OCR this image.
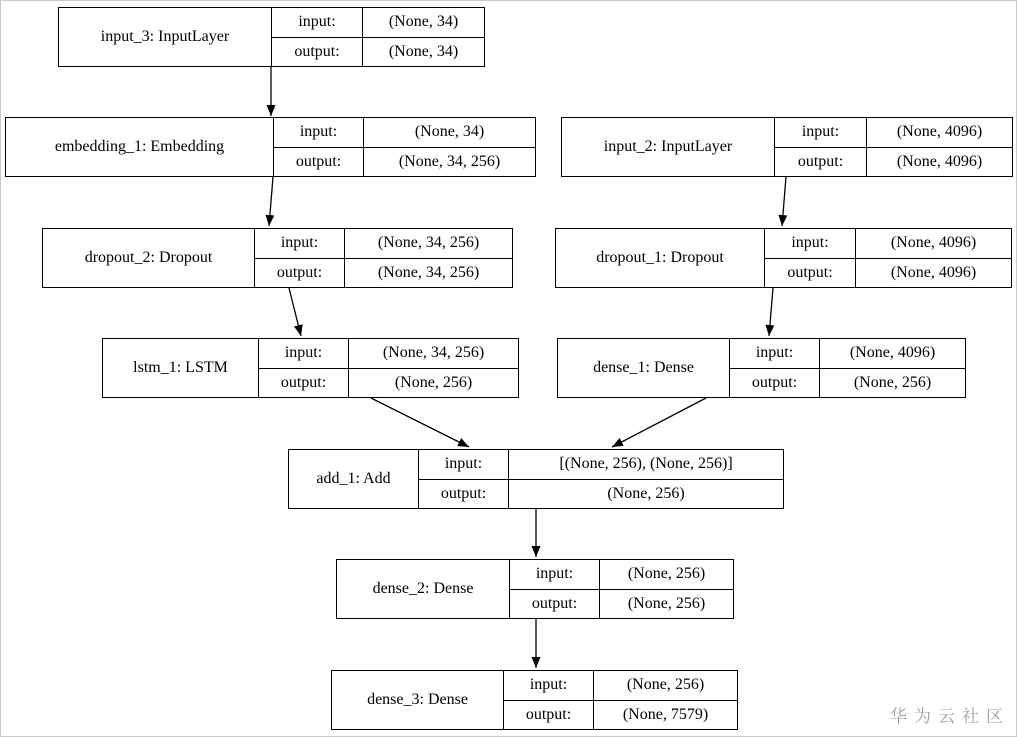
input_3: InputLayer
input:	(None, 34)
output:	(None, 34)
embedding_1: Embedding
input:	(None, 34)
output:	(None, 34, 256)
input_2: InputLayer
input:	(None, 4096)
output:	(None, 4096)
dropout_2: Dropout
input:	(None, 34, 256)
output:	(None, 34, 256)
dropout_1: Dropout
input:	(None, 4096)
output:	(None, 4096)
lstm_1: LSTM
input:	(None, 34, 256)
output:	(None, 256)
dense_1: Dense
input:	(None, 4096)
output:	(None, 256)
add_1: Add
input:	[(None, 256), (None, 256)]
output:	(None, 256)
dense_2: Dense
input:	(None, 256)
output:	(None, 256)
dense_3: Dense
input:	(None, 256)
output:	(None, 7579)	华为云社区
